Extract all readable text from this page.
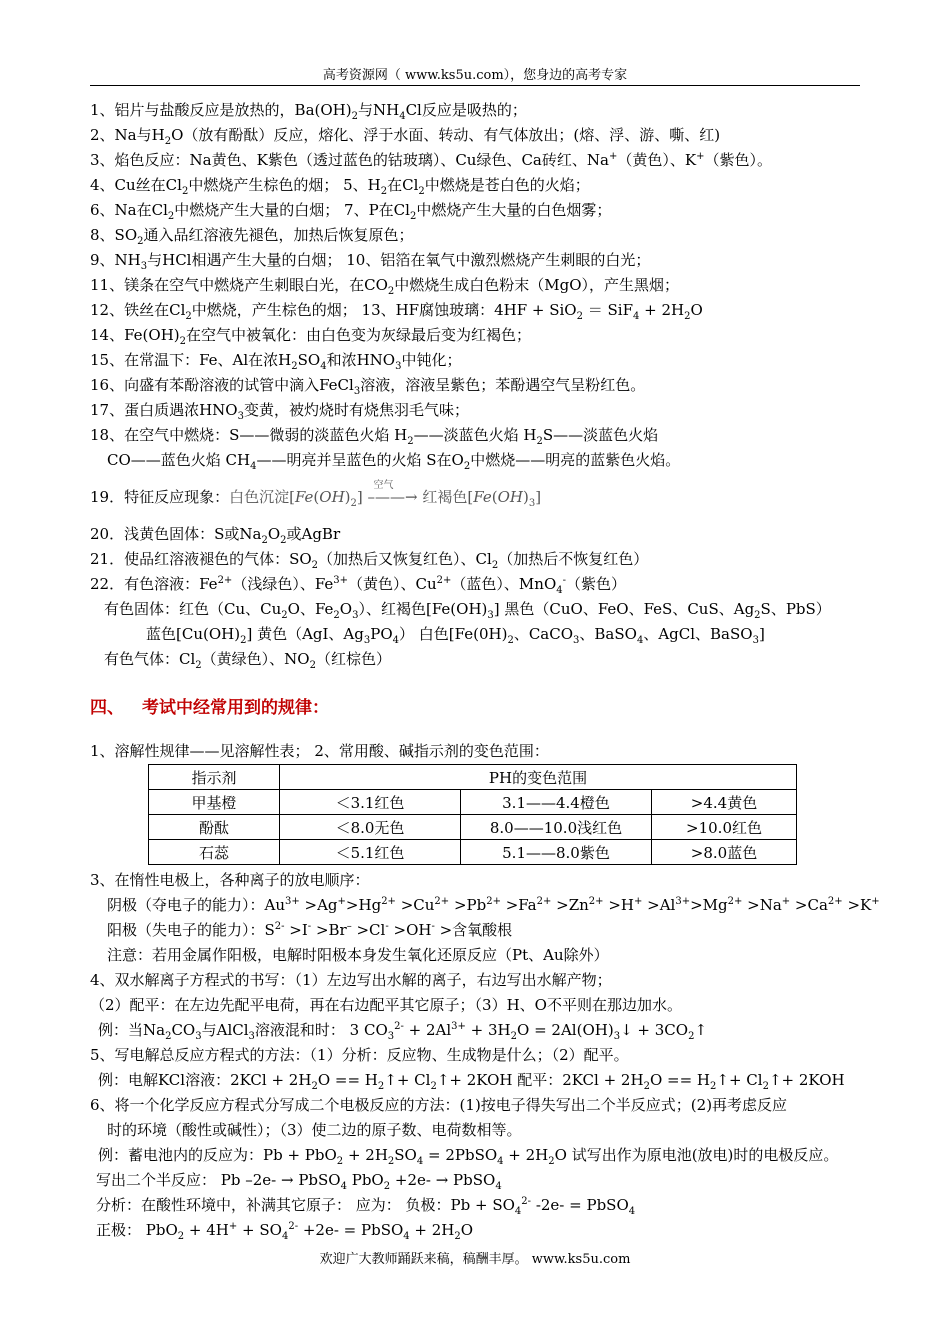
高考资源网（ www.ks5u.com），您身边的高考专家
1、铝片与盐酸反应是放热的，$Ba(OH)_2$与$NH_4Cl$反应是吸热的；
2、Na与$H_2O$（放有酚酞）反应，熔化、浮于水面、转动、有气体放出；(熔、浮、游、嘶、红)
3、焰色反应：Na黄色、K紫色（透过蓝色的钴玻璃）、Cu绿色、Ca砖红、Na+（黄色）、K+（紫色）。
4、Cu丝在$Cl_2$中燃烧产生棕色的烟； 5、$H_2$在$Cl_2$中燃烧是苍白色的火焰；
6、Na在$Cl_2$中燃烧产生大量的白烟； 7、P在$Cl_2$中燃烧产生大量的白色烟雾；
8、$SO_2$通入品红溶液先褪色，加热后恢复原色；
9、$NH_3$与HCl相遇产生大量的白烟； 10、铝箔在氧气中激烈燃烧产生刺眼的白光；
11、镁条在空气中燃烧产生刺眼白光，在$CO_2$中燃烧生成白色粉末（MgO），产生黑烟；
12、铁丝在$Cl_2$中燃烧，产生棕色的烟； 13、HF腐蚀玻璃：$4HF + SiO_2 = SiF_4 + 2H_2O$
14、$Fe(OH)_2$在空气中被氧化：由白色变为灰绿最后变为红褐色；
15、在常温下：Fe、Al在浓$H_2SO_4$和浓$HNO_3$中钝化；
16、向盛有苯酚溶液的试管中滴入FeCl$_3$溶液，溶液呈紫色；苯酚遇空气呈粉红色。
17、蛋白质遇浓$HNO_3$变黄，被灼烧时有烧焦羽毛气味；
18、在空气中燃烧：S——微弱的淡蓝色火焰 $H_2——$淡蓝色火焰 $H_2S——$淡蓝色火焰
CO——蓝色火焰 $CH_4——$明亮并呈蓝色的火焰 S在$O_2$中燃烧——明亮的蓝紫色火焰。
19．特征反应现象：白色沉淀$[Fe(OH)_2]$ –
空气
——→ 红褐色$[Fe(OH)_3]$
20．浅黄色固体：S或$Na_2O_2$或AgBr
21．使品红溶液褪色的气体：$SO_2$（加热后又恢复红色）、$Cl_2$（加热后不恢复红色）
22．有色溶液：$Fe^{2+}$（浅绿色）、$Fe^{3+}$（黄色）、$Cu^{2+}$（蓝色）、MnO$_4$-（紫色）
有色固体：红色（Cu、$Cu_2O$、$Fe_2O_3$）、红褐色$[Fe(OH)_3]$ 黑色（CuO、FeO、FeS、CuS、$Ag_2S$、PbS）
蓝色$[Cu(OH)_2]$ 黄色（AgI、$Ag_3PO_4$） 白色[$Fe(0H)_2$、CaCO$_3$、BaSO$_4$、AgCl、BaSO$_3$]
有色气体：$Cl_2$（黄绿色）、$NO_2$（红棕色）
四、 考试中经常用到的规律：
1、溶解性规律——见溶解性表； 2、常用酸、碱指示剂的变色范围：
指示剂	PH的变色范围		
甲基橙	＜3.1红色	3.1——4.4橙色	>4.4黄色
酚酞	＜8.0无色	8.0——10.0浅红色	>10.0红色
石蕊	＜5.1红色	5.1——8.0紫色	>8.0蓝色
3、在惰性电极上，各种离子的放电顺序：
阴极（夺电子的能力）：$Au^{3+} >Ag^+>Hg^{2+} >Cu^{2+} >Pb^{2+} >Fa^{2+} >Zn^{2+} >H^+ >Al^{3+}>Mg^{2+} >Na^+ >Ca^{2+} >K^+$
阳极（失电子的能力）：$S^{2-} >I^- >Br^- >Cl^- >OH^-$ >含氧酸根
注意：若用金属作阳极，电解时阳极本身发生氧化还原反应（Pt、Au除外）
4、双水解离子方程式的书写：（1）左边写出水解的离子，右边写出水解产物；
（2）配平：在左边先配平电荷，再在右边配平其它原子；（3）H、O不平则在那边加水。
例：当$Na_2CO_3$与AlCl$_3$溶液混和时： 3 $CO_3^{2-} + 2Al^{3+} + 3H_2O$ = $2Al(OH)_3↓$ + $3CO_2↑$
5、写电解总反应方程式的方法：（1）分析：反应物、生成物是什么；（2）配平。
例：电解KCl溶液：$2KCl + 2H_2O$ == $H_2↑+$ $Cl_2↑+ 2KOH$ 配平：$2KCl + 2H_2O$ == $H_2↑+$ $Cl_2↑+ 2KOH$
6、将一个化学反应方程式分写成二个电极反应的方法：(1)按电子得失写出二个半反应式；(2)再考虑反应
时的环境（酸性或碱性）；（3）使二边的原子数、电荷数相等。
例：蓄电池内的反应为：$Pb + PbO_2 + 2H_2SO_4$ = 2PbSO$_4$ + $2H_2O$ 试写出作为原电池(放电)时的电极反应。
写出二个半反应： Pb –2e- → PbSO$_4$ PbO$_2$ +2e- → PbSO$_4$
分析：在酸性环境中，补满其它原子： 应为： 负极：$Pb + SO_4^{2-}$ -2e- = PbSO$_4$
正极： $PbO_2 + 4H^+ + SO_4^{2-} +2e-$ = PbSO$_4$ + $2H_2O$
欢迎广大教师踊跃来稿，稿酬丰厚。 www.ks5u.com
